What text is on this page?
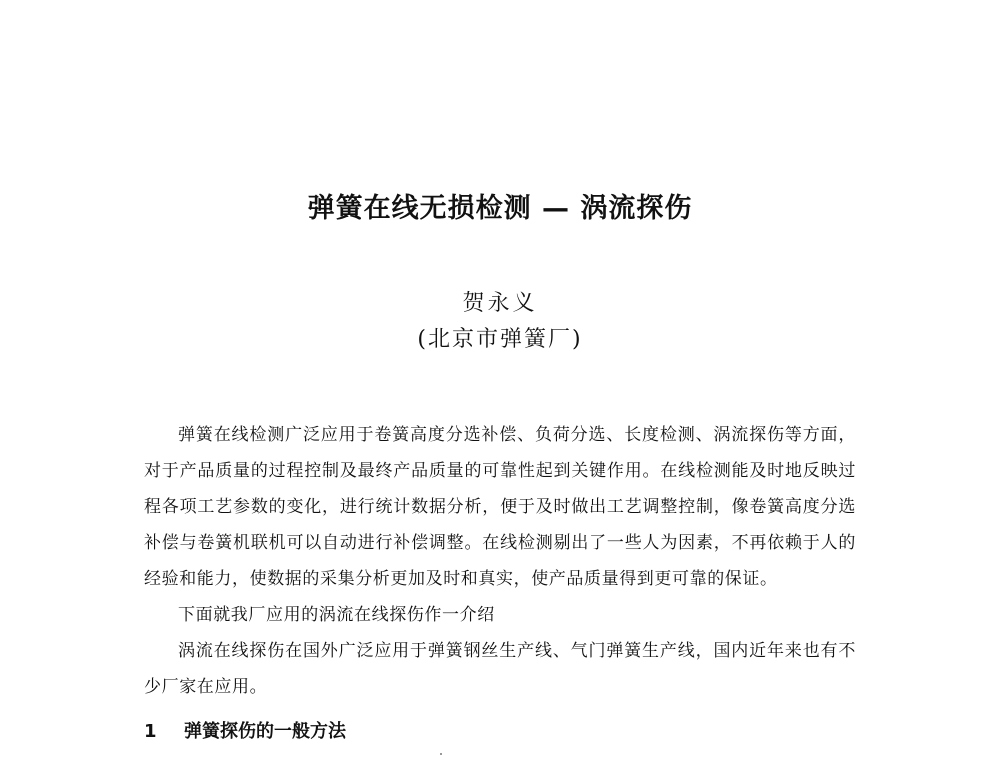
弹簧在线无损检测 — 涡流探伤
贺永义
(北京市弹簧厂)

弹簧在线检测广泛应用于卷簧高度分选补偿、负荷分选、长度检测、涡流探伤等方面，对于产品质量的过程控制及最终产品质量的可靠性起到关键作用。在线检测能及时地反映过程各项工艺参数的变化，进行统计数据分析，便于及时做出工艺调整控制，像卷簧高度分选补偿与卷簧机联机可以自动进行补偿调整。在线检测剔出了一些人为因素，不再依赖于人的经验和能力，使数据的采集分析更加及时和真实，使产品质量得到更可靠的保证。

下面就我厂应用的涡流在线探伤作一介绍

涡流在线探伤在国外广泛应用于弹簧钢丝生产线、气门弹簧生产线，国内近年来也有不少厂家在应用。

1 弹簧探伤的一般方法
